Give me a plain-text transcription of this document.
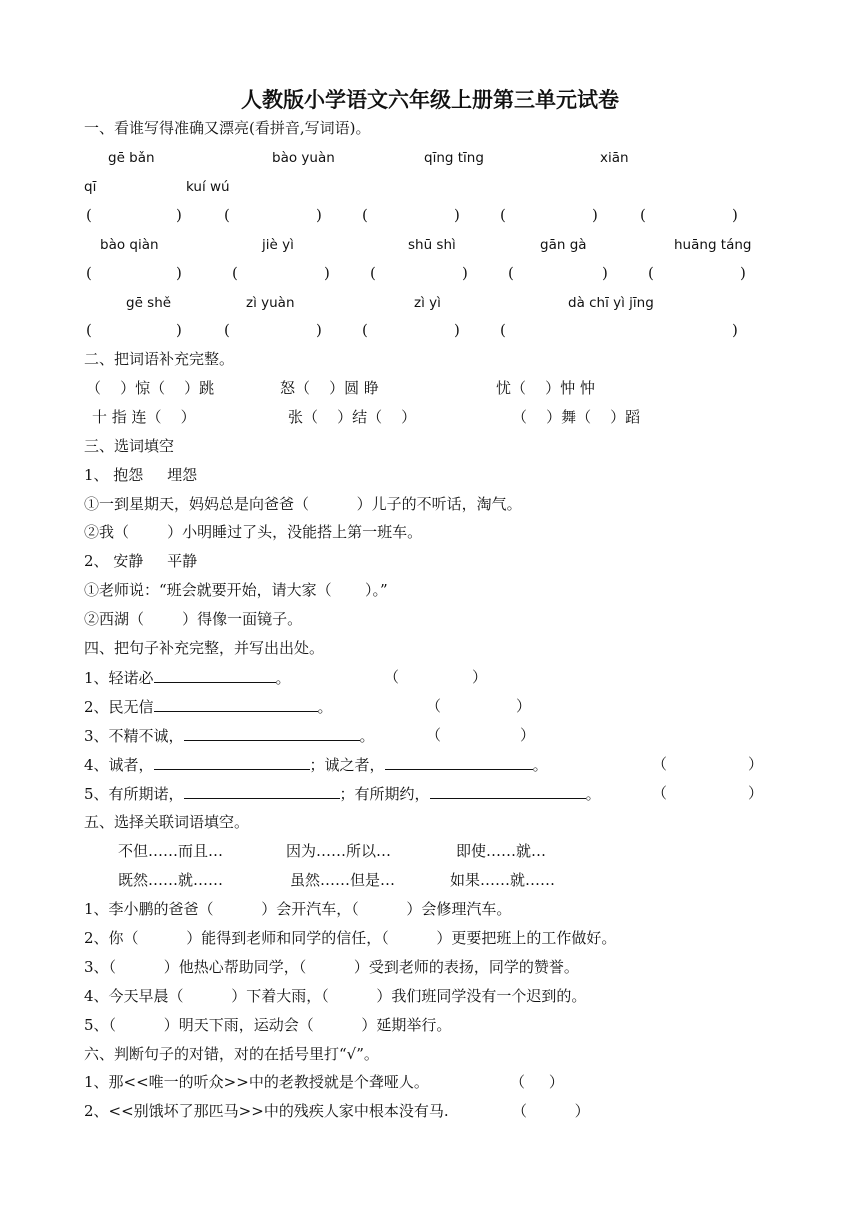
人教版小学语文六年级上册第三单元试卷
一、看谁写得准确又漂亮(看拼音,写词语)。
gē bǎn	bào yuàn	qīng tīng	xiān
qī	kuí wú
(	)	(	)	(	)	(	)	(	)
bào qiàn	jiè yì	shū shì	gān gà	huāng táng
(	)	(	)	(	)	(	)	(	)
gē shě	zì yuàn	zì yì	dà chī yì jīng
(	)	(	)	(	)	(	)
二、把词语补充完整。
（    ）惊（    ）跳	怒（    ）圆 睁	忧（    ）忡 忡
十 指 连（    ）	张（    ）结（    ）	（    ）舞（    ）蹈
三、选词填空
1、 抱怨     埋怨
①一到星期天，妈妈总是向爸爸（          ）儿子的不听话，淘气。
②我（        ）小明睡过了头，没能搭上第一班车。
2、 安静     平静
①老师说：“班会就要开始，请大家（       ）。”
②西湖（        ）得像一面镜子。
四、把句子补充完整，并写出出处。
1、轻诺必	。	（	）
2、民无信	。	（	）
3、不精不诚，	。	（	）
4、诚者，	；诚之者，	。	（	）
5、有所期诺，	；有所期约，	。	（	）
五、选择关联词语填空。
不但……而且…	因为……所以…	即使……就…
既然……就……	虽然……但是…	如果……就……
1、李小鹏的爸爸（          ）会开汽车，（          ）会修理汽车。
2、你（          ）能得到老师和同学的信任，（          ）更要把班上的工作做好。
3、（          ）他热心帮助同学，（          ）受到老师的表扬，同学的赞誉。
4、今天早晨（          ）下着大雨，（          ）我们班同学没有一个迟到的。
5、（          ）明天下雨，运动会（          ）延期举行。
六、判断句子的对错，对的在括号里打“√”。
1、那<<唯一的听众>>中的老教授就是个聋哑人。	（     ）
2、<<别饿坏了那匹马>>中的残疾人家中根本没有马.	（          ）
